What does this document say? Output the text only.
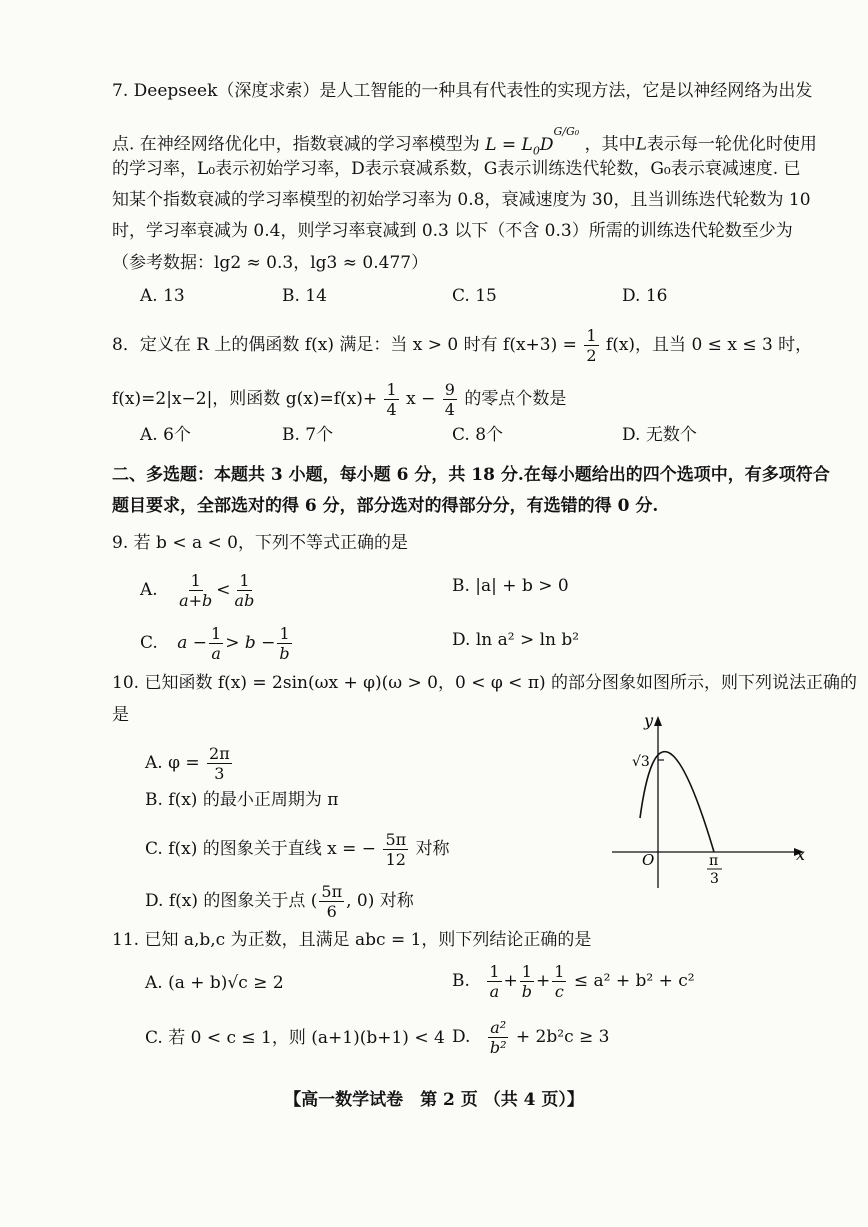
7. Deepseek（深度求索）是人工智能的一种具有代表性的实现方法，它是以神经网络为出发
点. 在神经网络优化中，指数衰减的学习率模型为 $L = L_0D^{G/G_0}$ ，其中L表示每一轮优化时使用
的学习率，L₀表示初始学习率，D表示衰减系数，G表示训练迭代轮数，G₀表示衰减速度. 已
知某个指数衰减的学习率模型的初始学习率为 0.8，衰减速度为 30，且当训练迭代轮数为 10
时，学习率衰减为 0.4，则学习率衰减到 0.3 以下（不含 0.3）所需的训练迭代轮数至少为
（参考数据：lg2 ≈ 0.3，lg3 ≈ 0.477）
A. 13	B. 14	C. 15	D. 16
8．定义在 R 上的偶函数 f(x) 满足：当 x > 0 时有 $f(x+3) = \frac{1}{2} f(x)$，且当 0 ≤ x ≤ 3 时，
f(x)=2|x−2|，则函数 $g(x)=f(x)+ \frac{1}{4}$ $x - \frac{9}{4}$ 的零点个数是
A. 6个	B. 7个	C. 8个	D. 无数个
二、多选题：本题共 3 小题，每小题 6 分，共 18 分.在每小题给出的四个选项中，有多项符合
题目要求，全部选对的得 6 分，部分选对的得部分分，有选错的得 0 分.
9. 若 b < a < 0，下列不等式正确的是
A. $\frac{1}{a+b} < \frac{1}{ab}$	B. |a| + b > 0
C. $a - \frac{1}{a} > b - \frac{1}{b}$	D. ln a² > ln b²
10. 已知函数 f(x) = 2sin(ωx + φ)(ω > 0，0 < φ < π) 的部分图象如图所示，则下列说法正确的
是
A. $\varphi = \frac{2\pi}{3}$
B. f(x) 的最小正周期为 π
C. f(x) 的图象关于直线 x = − $\frac{5\pi}{12}$ 对称
D. f(x) 的图象关于点 ( $\frac{5\pi}{6}$ , 0) 对称
y
x
O
√3
π
3
11. 已知 a,b,c 为正数，且满足 abc = 1，则下列结论正确的是
A. (a + b)√c ≥ 2	B. $\frac{1}{a} + \frac{1}{b} + \frac{1}{c} \le a^2 + b^2 + c^2$
C. 若 0 < c ≤ 1，则 (a+1)(b+1) < 4 D. $\frac{\text{a²}}{\text{b²}} + 2b^2c \ge 3$
【高一数学试卷　第 2 页 （共 4 页）】
